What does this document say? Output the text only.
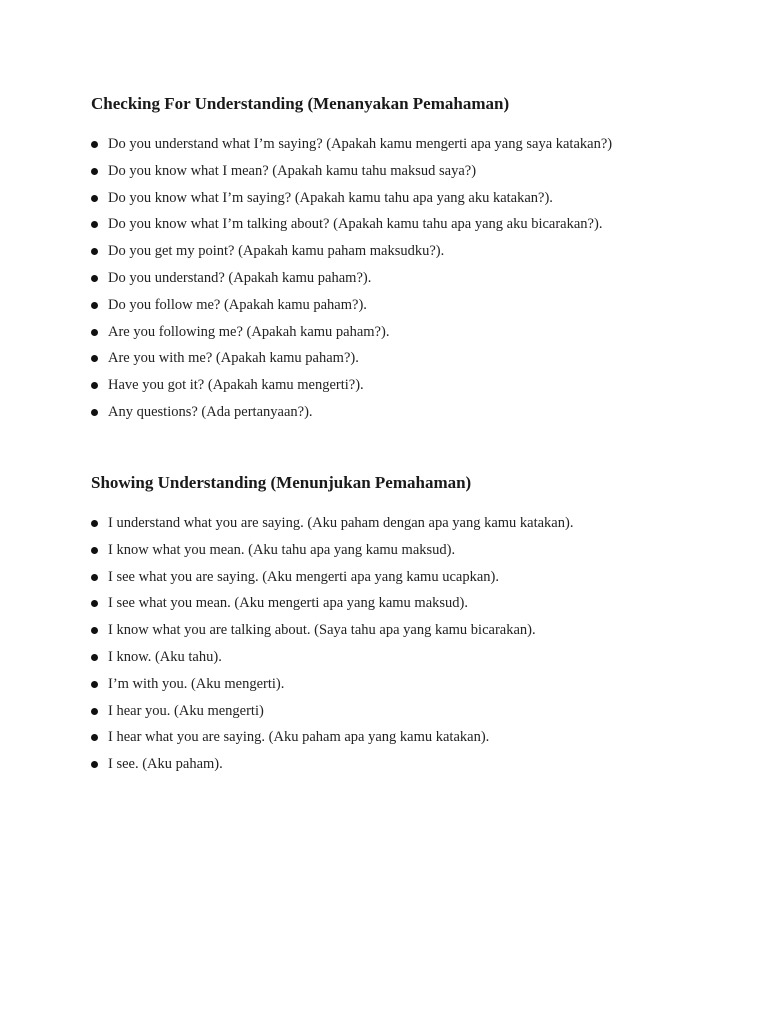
Checking For Understanding (Menanyakan Pemahaman)
Do you understand what I’m saying? (Apakah kamu mengerti apa yang saya katakan?)
Do you know what I mean? (Apakah kamu tahu maksud saya?)
Do you know what I’m saying? (Apakah kamu tahu apa yang aku katakan?).
Do you know what I’m talking about? (Apakah kamu tahu apa yang aku bicarakan?).
Do you get my point? (Apakah kamu paham maksudku?).
Do you understand? (Apakah kamu paham?).
Do you follow me? (Apakah kamu paham?).
Are you following me? (Apakah kamu paham?).
Are you with me? (Apakah kamu paham?).
Have you got it? (Apakah kamu mengerti?).
Any questions? (Ada pertanyaan?).
Showing Understanding (Menunjukan Pemahaman)
I understand what you are saying. (Aku paham dengan apa yang kamu katakan).
I know what you mean. (Aku tahu apa yang kamu maksud).
I see what you are saying. (Aku mengerti apa yang kamu ucapkan).
I see what you mean. (Aku mengerti apa yang kamu maksud).
I know what you are talking about. (Saya tahu apa yang kamu bicarakan).
I know. (Aku tahu).
I’m with you. (Aku mengerti).
I hear you. (Aku mengerti)
I hear what you are saying. (Aku paham apa yang kamu katakan).
I see. (Aku paham).
